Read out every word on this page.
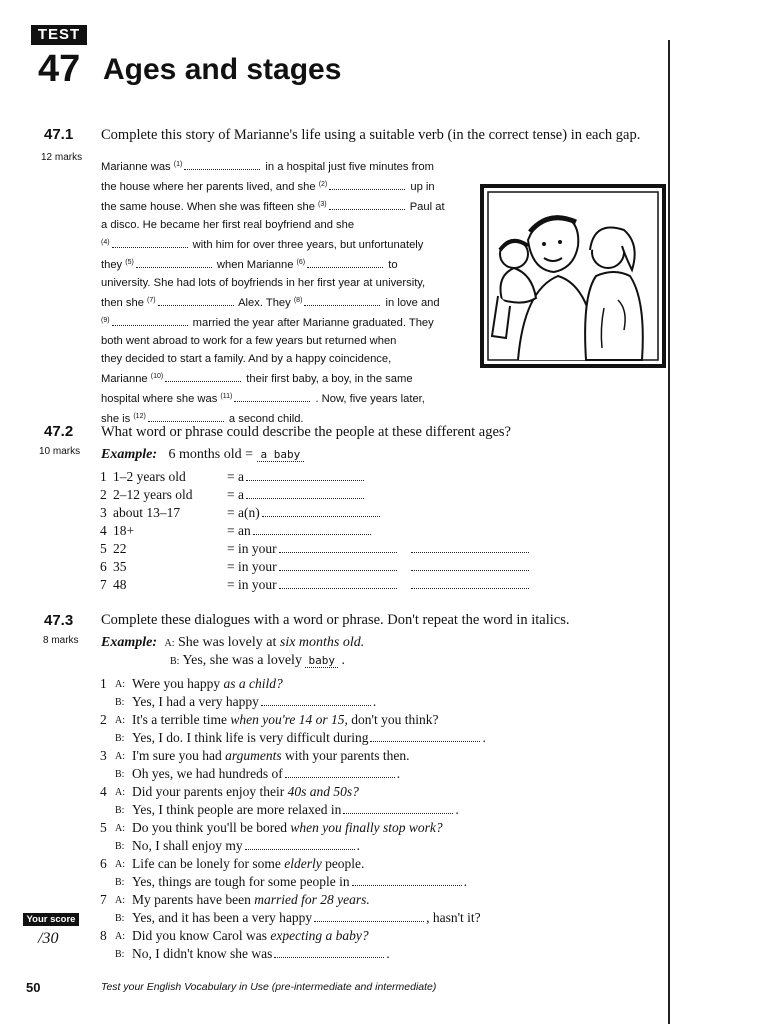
TEST
47 Ages and stages
47.1
12 marks
Complete this story of Marianne's life using a suitable verb (in the correct tense) in each gap.
Marianne was $^{(1)}$	in a hospital just five minutes from
the house where her parents lived, and she $^{(2)}$	up in
the same house. When she was fifteen she $^{(3)}$	Paul at
a disco. He became her first real boyfriend and she
$^{(4)}$	with him for over three years, but unfortunately
they $^{(5)}$	when Marianne $^{(6)}$	to
university. She had lots of boyfriends in her first year at university,
then she $^{(7)}$	Alex. They $^{(8)}$	in love and
$^{(9)}$	married the year after Marianne graduated. They
both went abroad to work for a few years but returned when
they decided to start a family. And by a happy coincidence,
Marianne $^{(10)}$	their first baby, a boy, in the same
hospital where she was $^{(11)}$	. Now, five years later,
she is $^{(12)}$	a second child.
47.2
10 marks
What word or phrase could describe the people at these different ages?
Example: 6 months old = a baby
1 1–2 years old	= a
2 2–12 years old	= a
3 about 13–17	= a(n)
4 18+	= an
5 22	= in your
6 35	= in your
7 48	= in your
47.3
8 marks
Complete these dialogues with a word or phrase. Don't repeat the word in italics.
Example: A: She was lovely at six months old.
B: Yes, she was a lovely baby .
1 A: Were you happy as a child?
B: Yes, I had a very happy	.
2 A: It's a terrible time when you're 14 or 15, don't you think?
B: Yes, I do. I think life is very difficult during	.
3 A: I'm sure you had arguments with your parents then.
B: Oh yes, we had hundreds of	.
4 A: Did your parents enjoy their 40s and 50s?
B: Yes, I think people are more relaxed in	.
5 A: Do you think you'll be bored when you finally stop work?
B: No, I shall enjoy my	.
6 A: Life can be lonely for some elderly people.
B: Yes, things are tough for some people in	.
7 A: My parents have been married for 28 years.
B: Yes, and it has been a very happy	, hasn't it?
8 A: Did you know Carol was expecting a baby?
B: No, I didn't know she was	.
Your score
/30
50	Test your English Vocabulary in Use (pre-intermediate and intermediate)
